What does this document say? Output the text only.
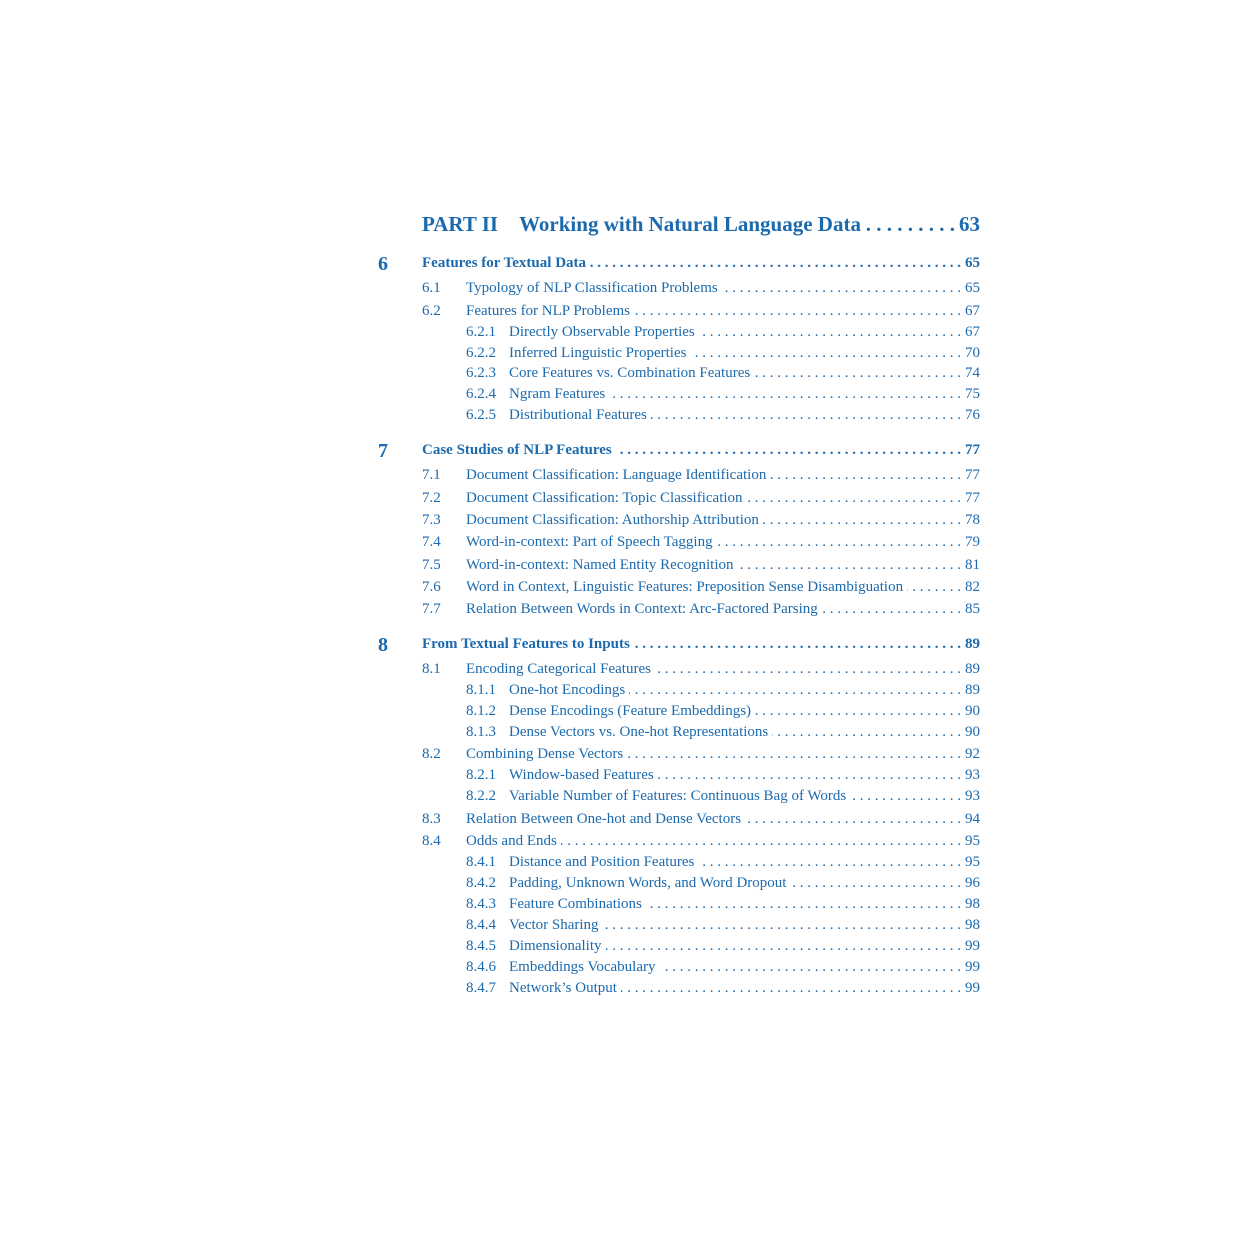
PART II Working with Natural Language Data . . .	63
6	Features for Textual Data . . .	65
6.1	Typology of NLP Classification Problems . . .	65
6.2	Features for NLP Problems . . .	67
6.2.1 Directly Observable Properties . . .	67
6.2.2 Inferred Linguistic Properties . . .	70
6.2.3 Core Features vs. Combination Features . . .	74
6.2.4 Ngram Features . . .	75
6.2.5 Distributional Features . . .	76
7	Case Studies of NLP Features . . .	77
7.1	Document Classification: Language Identification . . .	77
7.2	Document Classification: Topic Classification . . .	77
7.3	Document Classification: Authorship Attribution . . .	78
7.4	Word-in-context: Part of Speech Tagging . . .	79
7.5	Word-in-context: Named Entity Recognition . . .	81
7.6	Word in Context, Linguistic Features: Preposition Sense Disambiguation . . .	82
7.7	Relation Between Words in Context: Arc-Factored Parsing . . .	85
8	From Textual Features to Inputs . . .	89
8.1	Encoding Categorical Features . . .	89
8.1.1 One-hot Encodings . . .	89
8.1.2 Dense Encodings (Feature Embeddings) . . .	90
8.1.3 Dense Vectors vs. One-hot Representations . . .	90
8.2	Combining Dense Vectors . . .	92
8.2.1 Window-based Features . . .	93
8.2.2 Variable Number of Features: Continuous Bag of Words . . .	93
8.3	Relation Between One-hot and Dense Vectors . . .	94
8.4	Odds and Ends . . .	95
8.4.1 Distance and Position Features . . .	95
8.4.2 Padding, Unknown Words, and Word Dropout . . .	96
8.4.3 Feature Combinations . . .	98
8.4.4 Vector Sharing . . .	98
8.4.5 Dimensionality . . .	99
8.4.6 Embeddings Vocabulary . . .	99
8.4.7 Network’s Output . . .	99
